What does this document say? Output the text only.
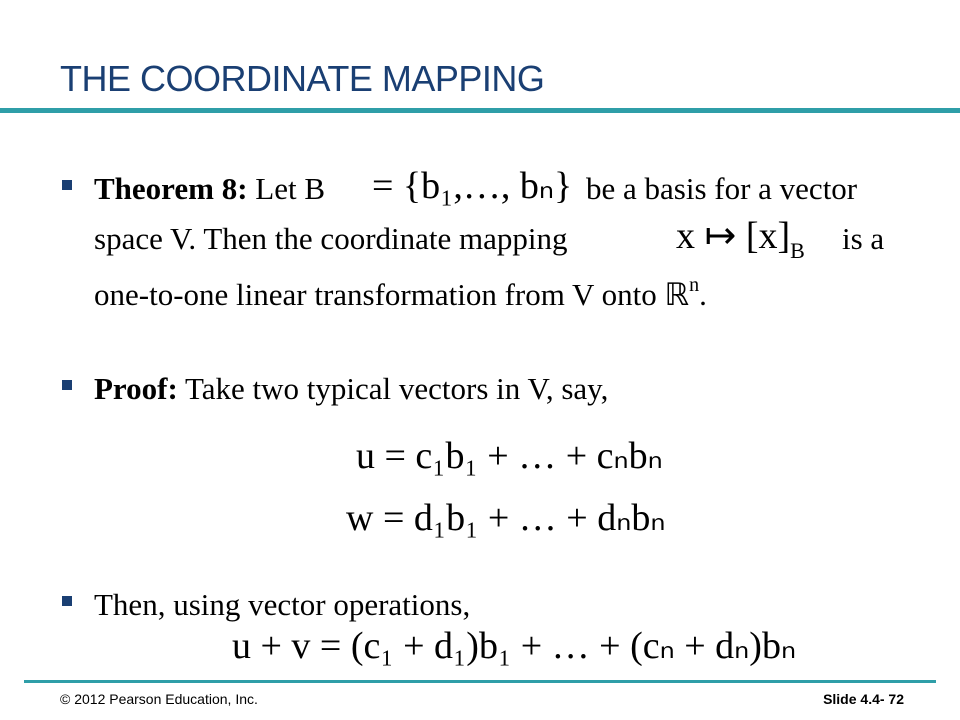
THE COORDINATE MAPPING
Theorem 8: Let B = {b₁,…, bₙ} be a basis for a vector
space V. Then the coordinate mapping	x ↦ $[x]_B$ is a
one-to-one linear transformation from V onto ℝ$^n$.
Proof: Take two typical vectors in V, say,
u = c₁b₁ + … + cₙbₙ
w = d₁b₁ + … + dₙbₙ
Then, using vector operations,
u + v = (c₁ + d₁)b₁ + … + (cₙ + dₙ)bₙ
© 2012 Pearson Education, Inc.	Slide 4.4- 72
